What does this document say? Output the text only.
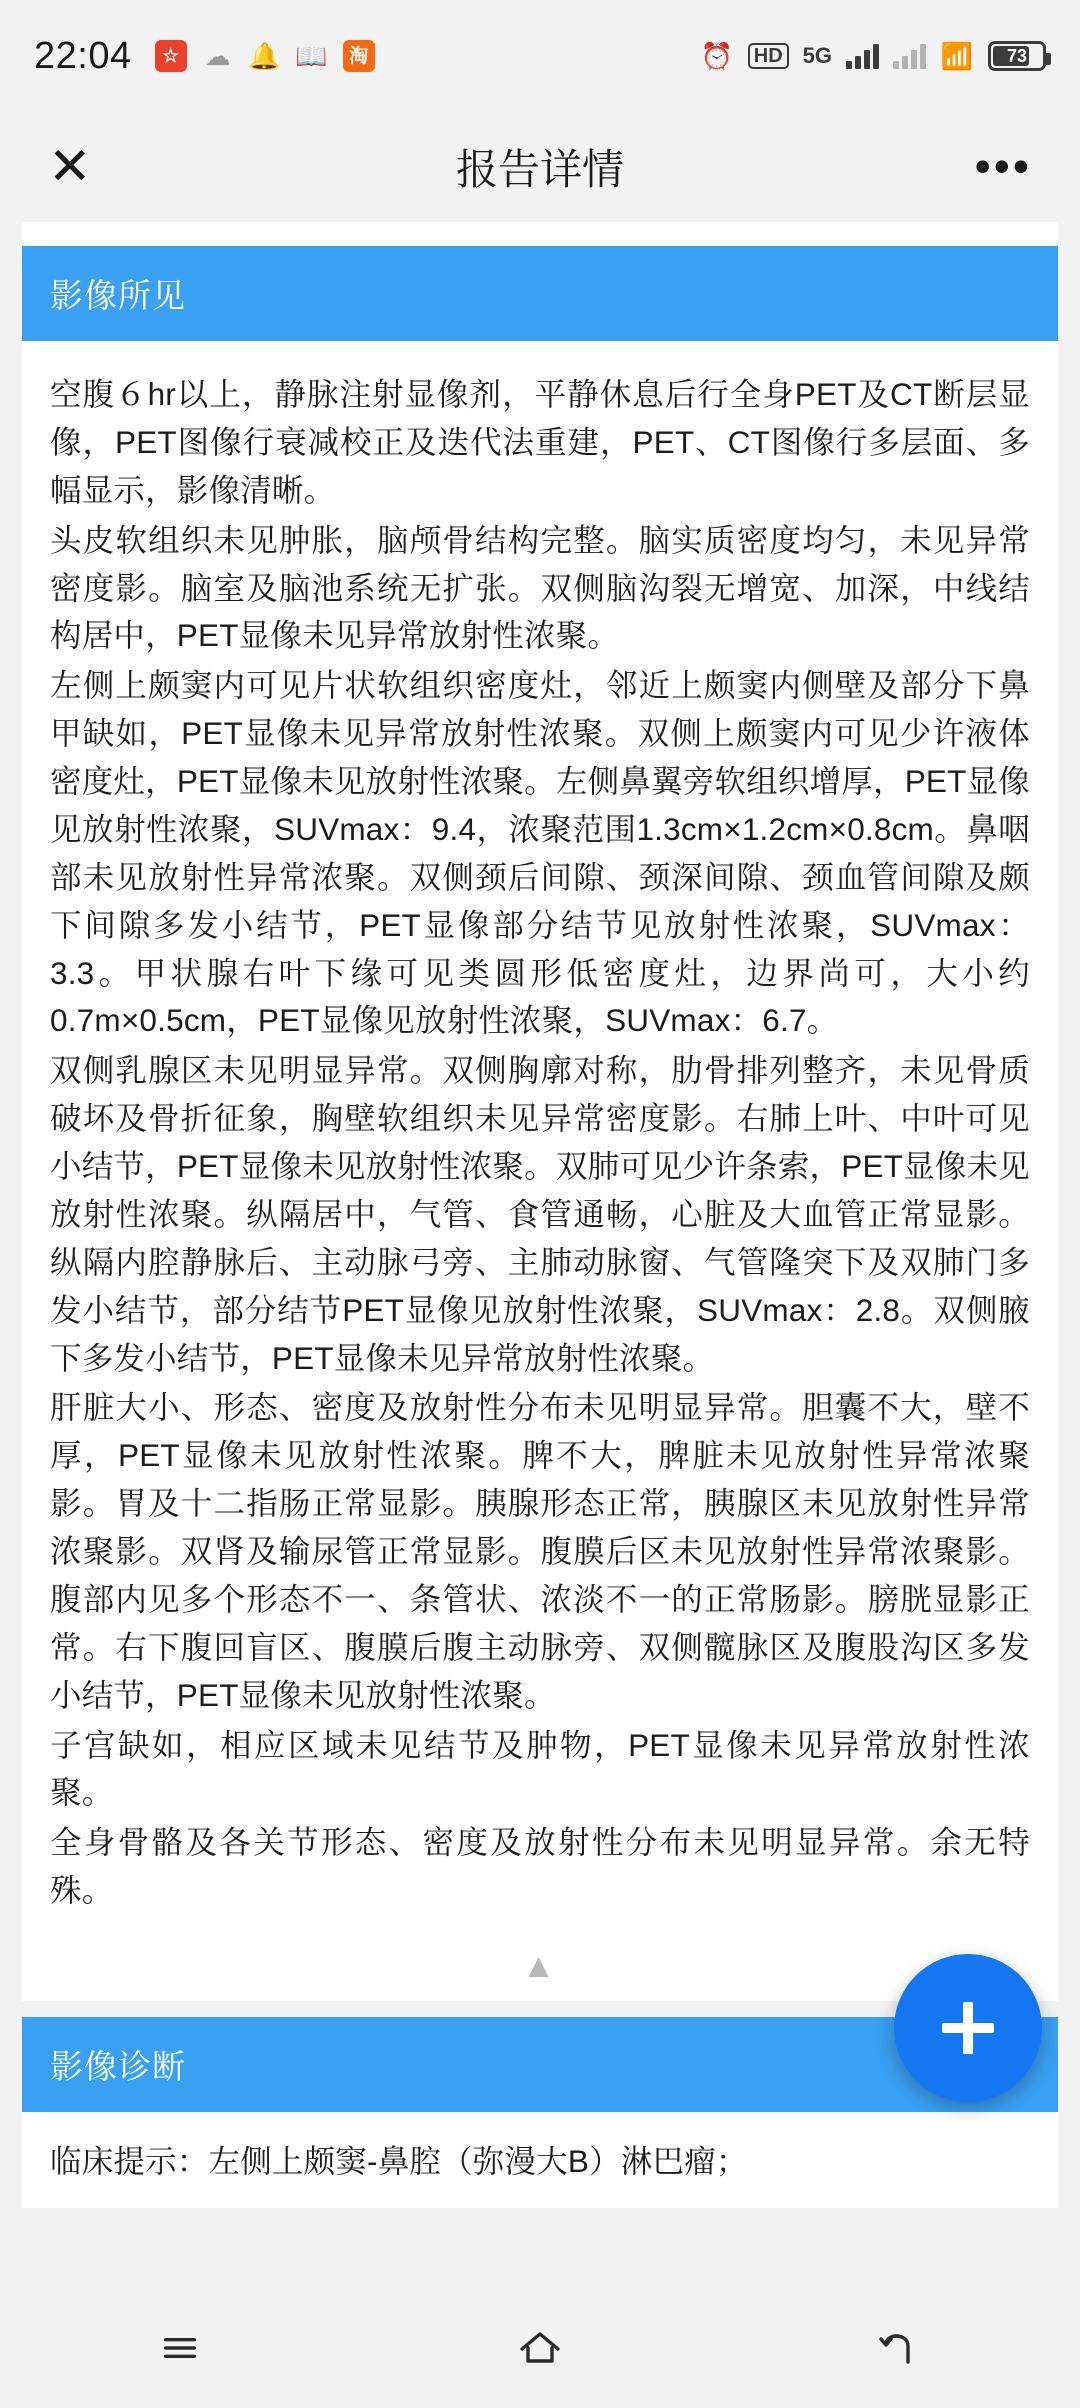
22:04	☆ ☁ 🔔 📖	淘	⏰	HD 5G	📶 73
✕	报告详情	•••
影像所见

空腹６hr以上，静脉注射显像剂，平静休息后行全身PET及CT断层显像，PET图像行衰减校正及迭代法重建，PET、CT图像行多层面、多幅显示，影像清晰。

头皮软组织未见肿胀，脑颅骨结构完整。脑实质密度均匀，未见异常密度影。脑室及脑池系统无扩张。双侧脑沟裂无增宽、加深，中线结构居中，PET显像未见异常放射性浓聚。

左侧上颇窦内可见片状软组织密度灶，邻近上颇窦内侧壁及部分下鼻甲缺如，PET显像未见异常放射性浓聚。双侧上颇窦内可见少许液体密度灶，PET显像未见放射性浓聚。左侧鼻翼旁软组织增厚，PET显像见放射性浓聚，SUVmax：9.4，浓聚范围1.3cm×1.2cm×0.8cm。鼻咽部未见放射性异常浓聚。双侧颈后间隙、颈深间隙、颈血管间隙及颇下间隙多发小结节，PET显像部分结节见放射性浓聚，SUVmax：3.3。甲状腺右叶下缘可见类圆形低密度灶，边界尚可，大小约0.7m×0.5cm，PET显像见放射性浓聚，SUVmax：6.7。

双侧乳腺区未见明显异常。双侧胸廓对称，肋骨排列整齐，未见骨质破坏及骨折征象，胸壁软组织未见异常密度影。右肺上叶、中叶可见小结节，PET显像未见放射性浓聚。双肺可见少许条索，PET显像未见放射性浓聚。纵隔居中，气管、食管通畅，心脏及大血管正常显影。纵隔内腔静脉后、主动脉弓旁、主肺动脉窗、气管隆突下及双肺门多发小结节，部分结节PET显像见放射性浓聚，SUVmax：2.8。双侧腋下多发小结节，PET显像未见异常放射性浓聚。

肝脏大小、形态、密度及放射性分布未见明显异常。胆囊不大，壁不厚，PET显像未见放射性浓聚。脾不大，脾脏未见放射性异常浓聚影。胃及十二指肠正常显影。胰腺形态正常，胰腺区未见放射性异常浓聚影。双肾及输尿管正常显影。腹膜后区未见放射性异常浓聚影。腹部内见多个形态不一、条管状、浓淡不一的正常肠影。膀胱显影正常。右下腹回盲区、腹膜后腹主动脉旁、双侧髋脉区及腹股沟区多发小结节，PET显像未见放射性浓聚。

子宫缺如，相应区域未见结节及肿物，PET显像未见异常放射性浓聚。

全身骨骼及各关节形态、密度及放射性分布未见明显异常。余无特殊。

▲ 
影像诊断

临床提示：左侧上颇窦-鼻腔（弥漫大B）淋巴瘤；
